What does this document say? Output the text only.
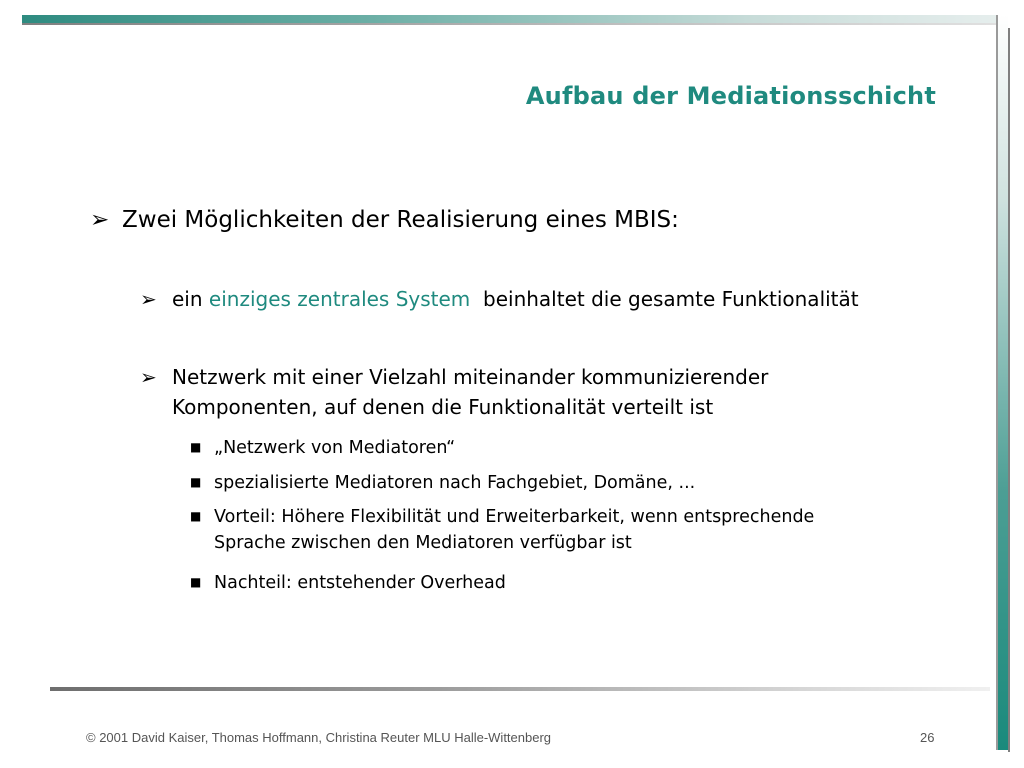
Aufbau der Mediationsschicht
➢ Zwei Möglichkeiten der Realisierung eines MBIS:
➢ ein einziges zentrales System  beinhaltet die gesamte Funktionalität
➢ Netzwerk mit einer Vielzahl miteinander kommunizierender
Komponenten, auf denen die Funktionalität verteilt ist
■ „Netzwerk von Mediatoren“
■ spezialisierte Mediatoren nach Fachgebiet, Domäne, ...
■ Vorteil: Höhere Flexibilität und Erweiterbarkeit, wenn entsprechende
Sprache zwischen den Mediatoren verfügbar ist
■ Nachteil: entstehender Overhead
© 2001 David Kaiser, Thomas Hoffmann, Christina Reuter MLU Halle-Wittenberg	26
